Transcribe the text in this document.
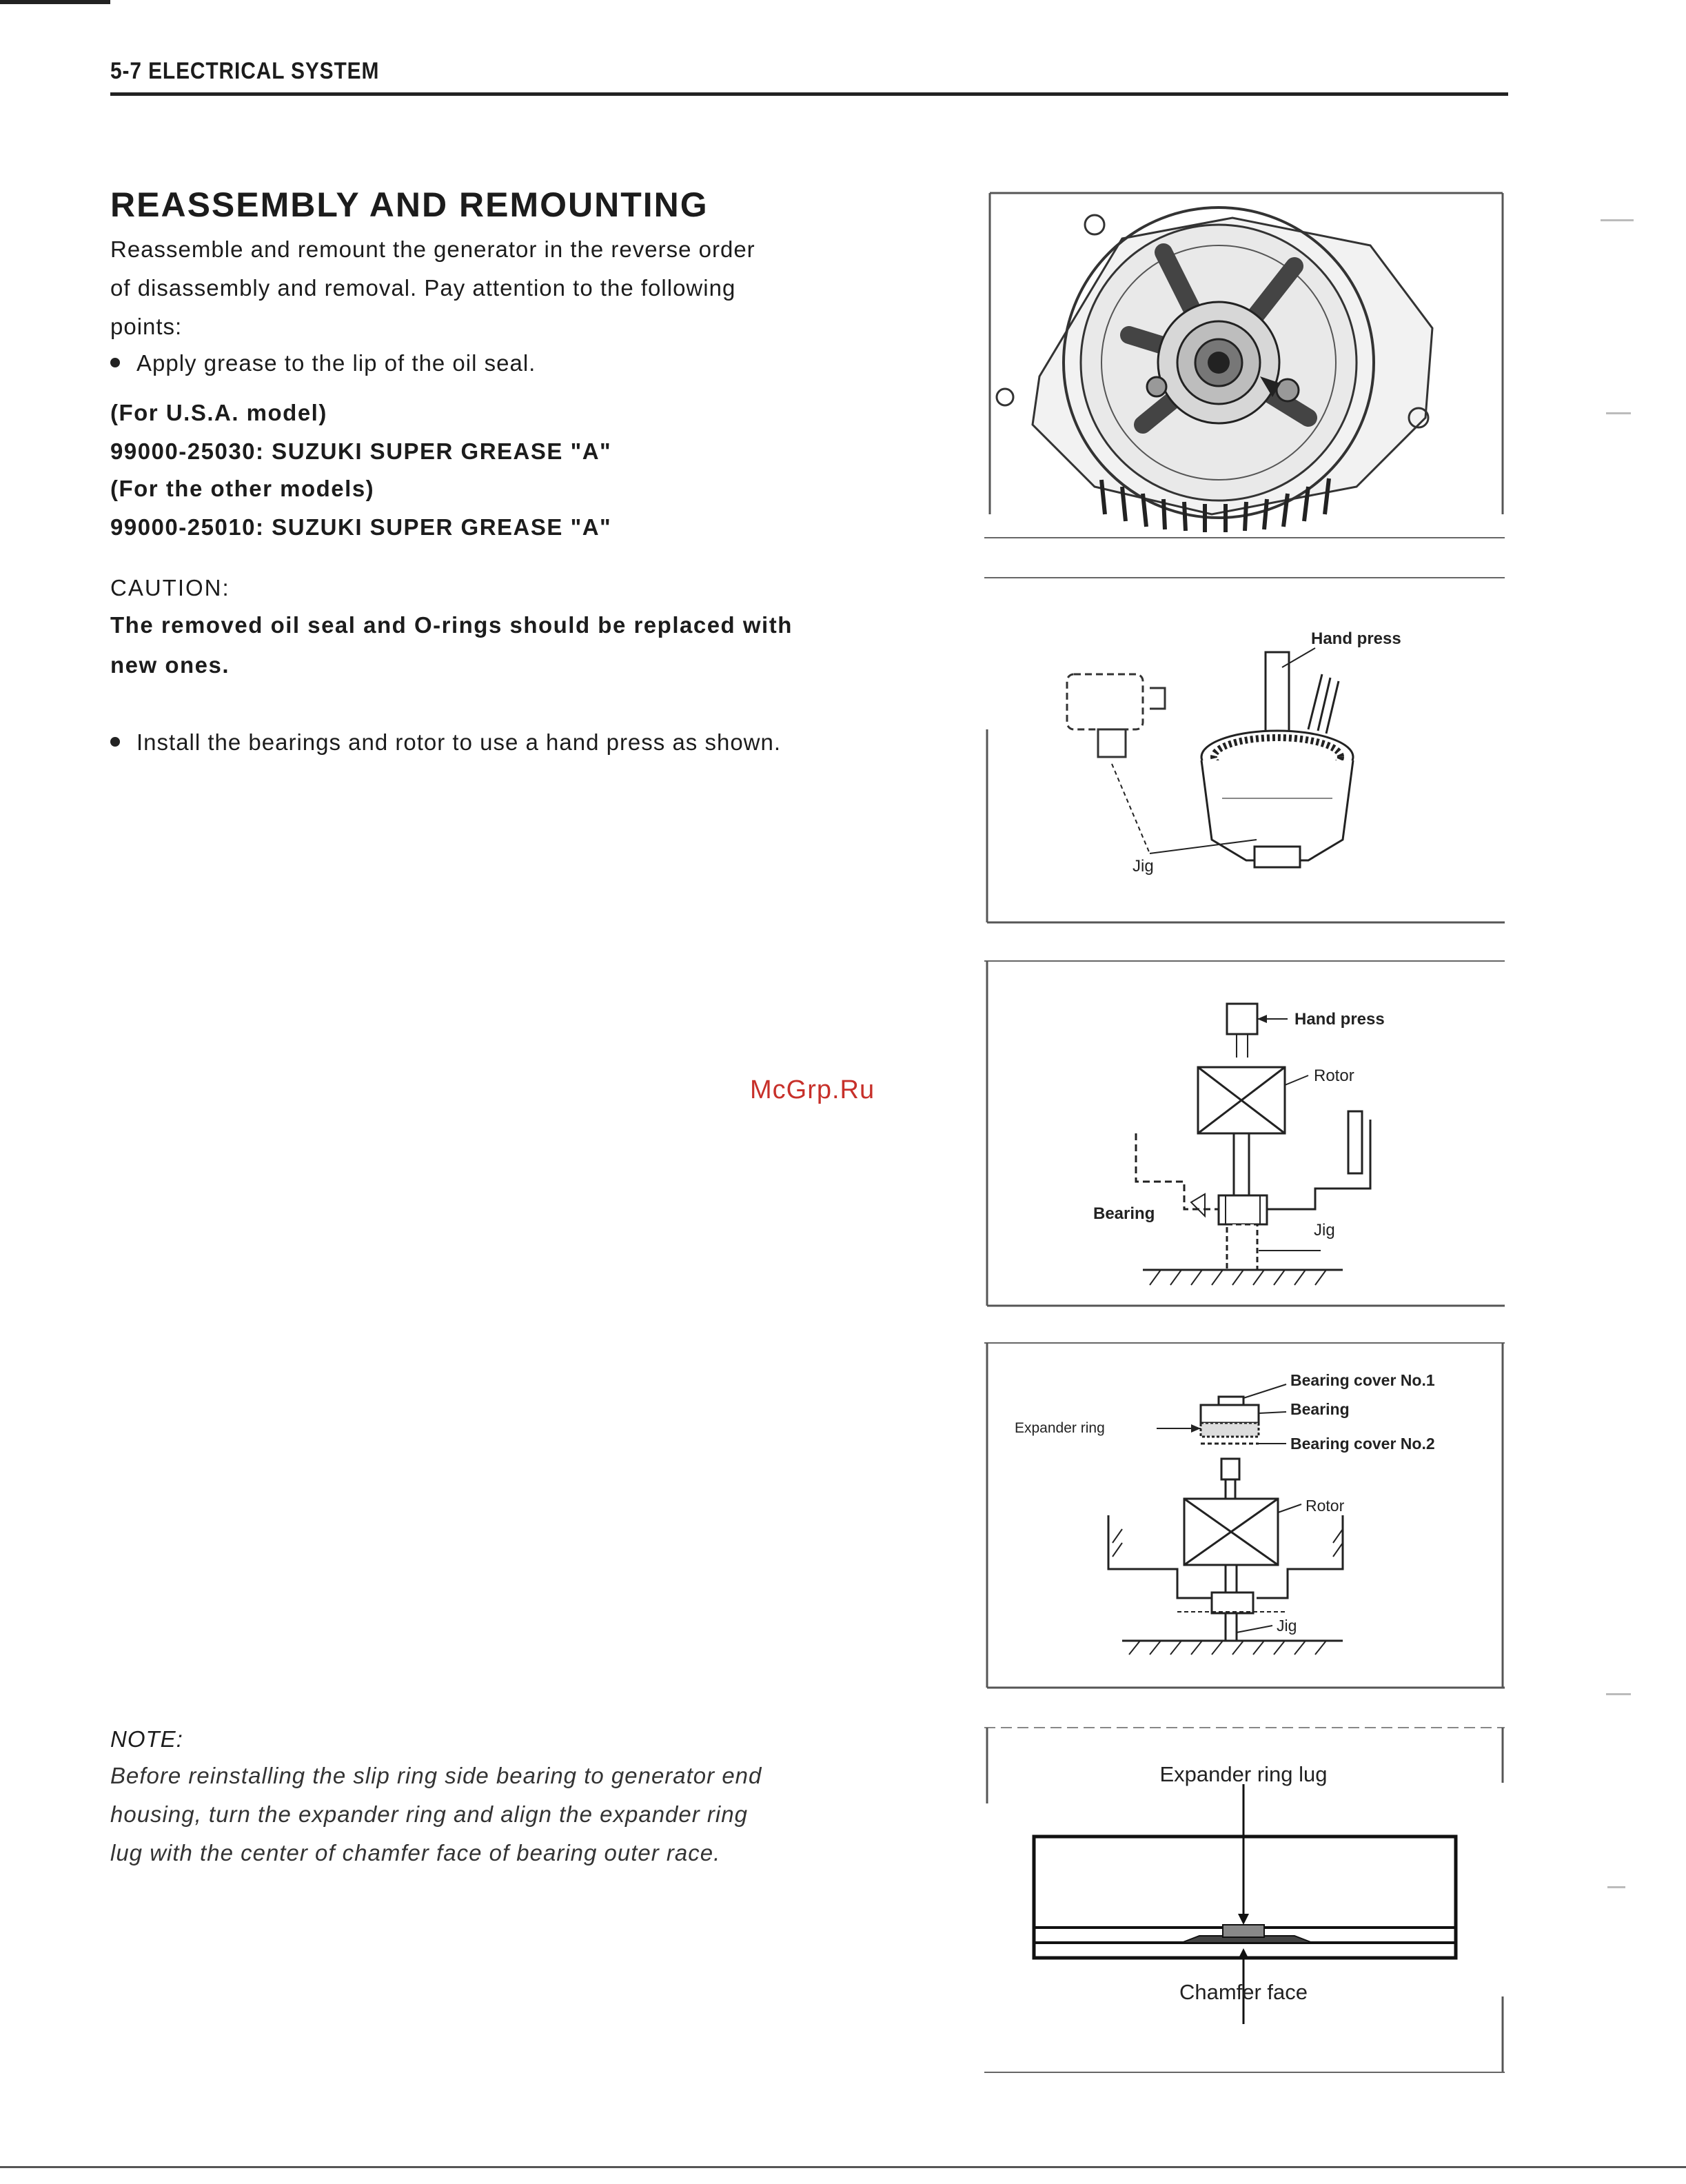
5-7 ELECTRICAL SYSTEM
REASSEMBLY AND REMOUNTING
Reassemble and remount the generator in the reverse order
of disassembly and removal. Pay attention to the following
points:
Apply grease to the lip of the oil seal.
(For U.S.A. model)
99000-25030: SUZUKI SUPER GREASE "A"
(For the other models)
99000-25010: SUZUKI SUPER GREASE "A"
CAUTION:
The removed oil seal and O-rings should be replaced with
new ones.
Install the bearings and rotor to use a hand press as shown.
McGrp.Ru
NOTE:
Before reinstalling the slip ring side bearing to generator end
housing, turn the expander ring and align the expander ring
lug with the center of chamfer face of bearing outer race.
Hand press
Jig
Hand press
Rotor
Bearing
Jig
Bearing cover No.1
Bearing
Expander ring
Bearing cover No.2
Rotor
Jig
Expander ring lug
Chamfer face
